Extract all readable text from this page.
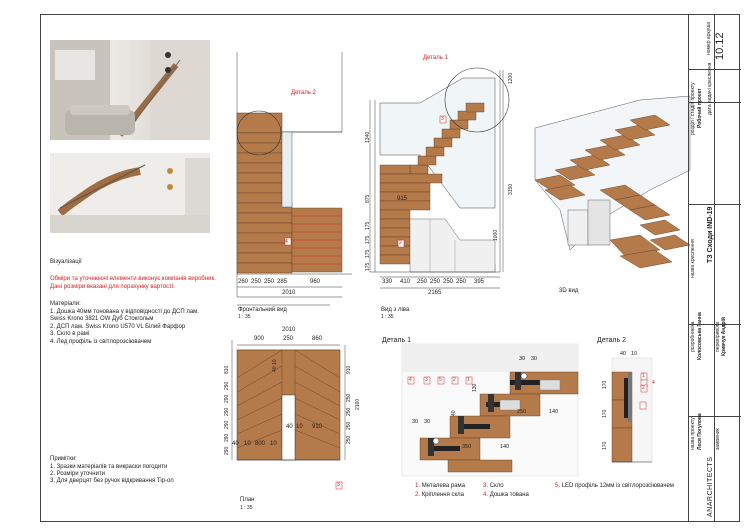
Візуалізації
Обміри та уточнюючі елементи виконує компанія виробник. Дані розміри вказані для порахунку вартості.
Матеріали:
1. Дошка 40мм тонована у відповідності до ДСП лам.
Swiss Krono 3821 OW Дуб Стокгольм
2. ДСП лам. Swiss Krono U570 VL Білий Фарфор
3. Скло в рамі
4. Лед профіль із світлорозсіювачем
Примітки:
1. Зразки матеріалів та викраски погодити
2. Розміри уточнити
3. Для дверцят без ручок відкривання Tip-on
Деталь 2
4
260 250 250 285	960
2010
Фронтальний вид
1 : 35
Деталь 1
3
2
915
1340
875
175
175
175
175
1200
3150
1000
330 410 250 250 250 250 395
2165
Вид з ліва
1 : 35
3D вид
900	250	860
2010
810
290
290
290
290
290
290
910
2160
250
250
250
250
40 10
40 10 800 10
40 10 910
План
1 : 35
3
Деталь 1
4	3 5 2 1
30 30
30 30
130
40	250	140
350	140
Деталь 2
40 10
170
170
170
1
4
2
1. Металева рама
2. Кріплення скла
3. Скло
4. Дошка тована
5. LED профіль 12мм із світлорозсіювачем
номер аркуша 10.12
дата видачі креслення
розділ / стадія проекту Робочий проект
назва креслення ТЗ Сходи IND-19
розробник/ка Колосовська Ганна перевірив/ла Кривчук Андрій
назва проекту Леся Погулова замовник
ANARCHITECTS
